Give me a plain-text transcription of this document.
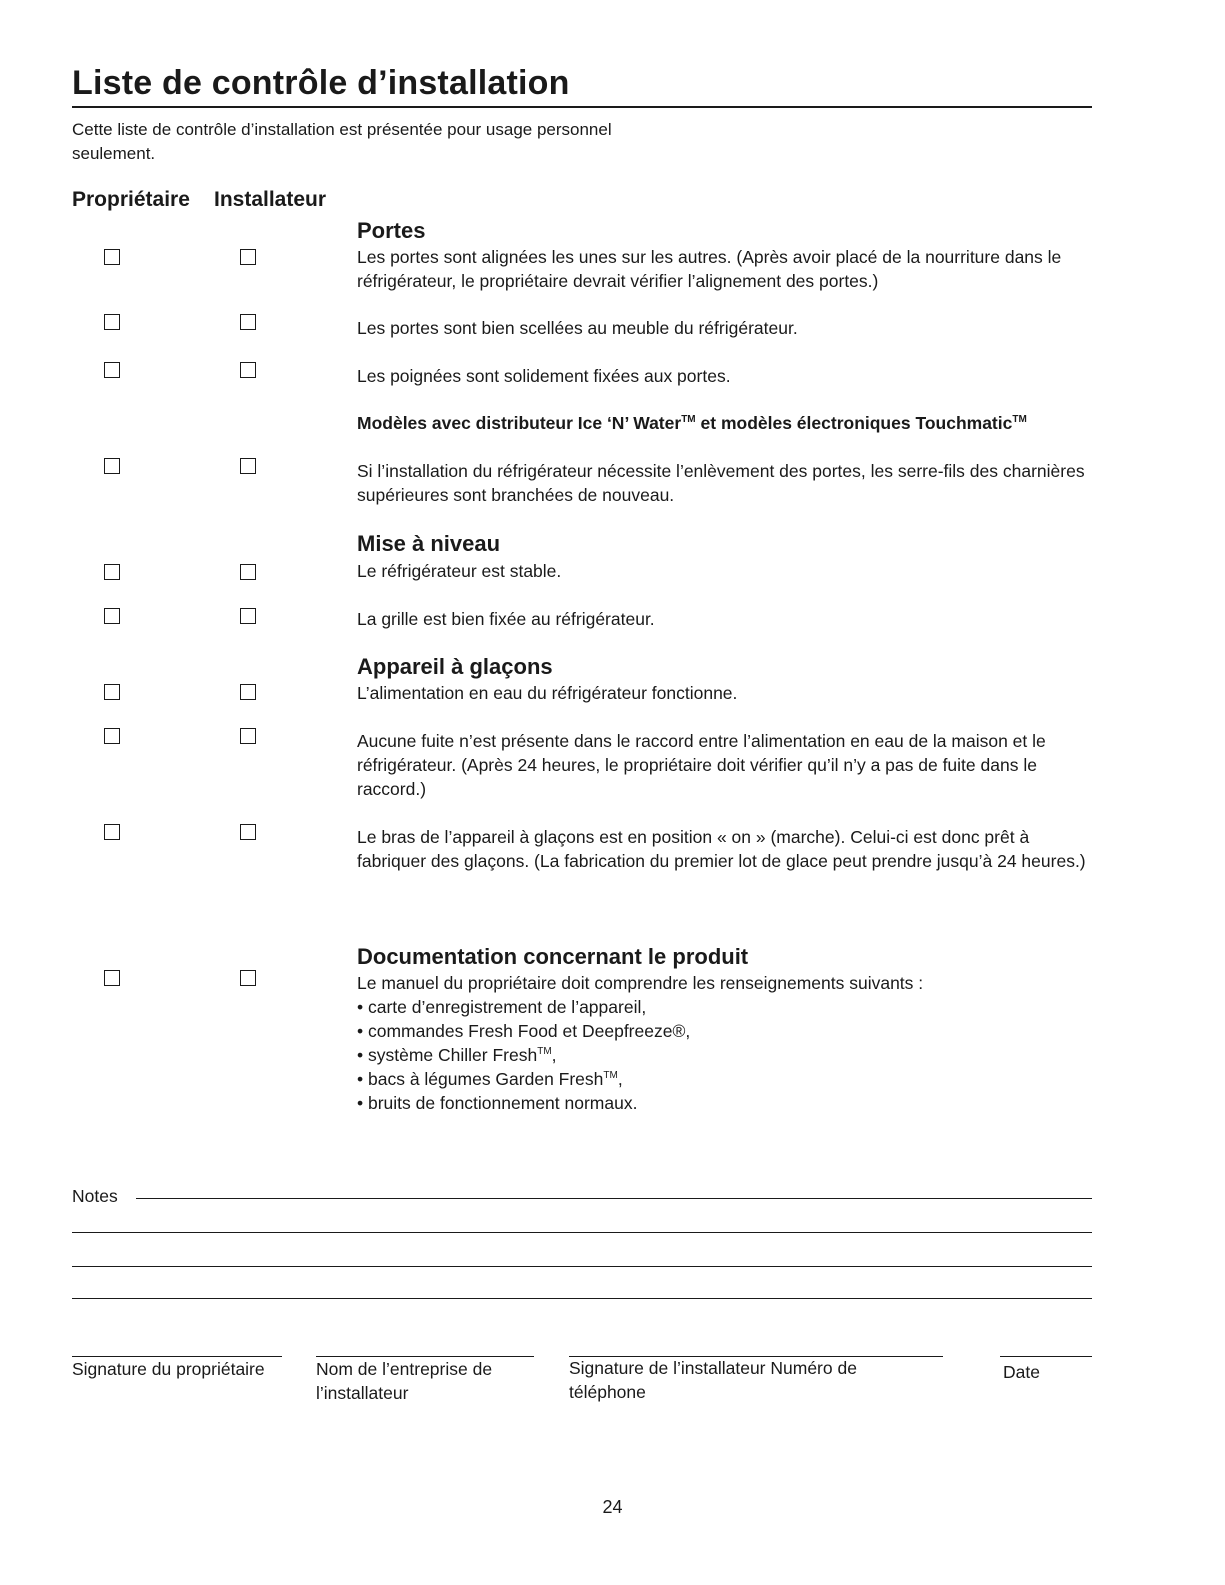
Liste de contrôle d’installation
Cette liste de contrôle d’installation est présentée pour usage personnel seulement.
Propriétaire Installateur
Portes
Les portes sont alignées les unes sur les autres. (Après avoir placé de la nourriture dans le réfrigérateur, le propriétaire devrait vérifier l’alignement des portes.)
Les portes sont bien scellées au meuble du réfrigérateur.
Les poignées sont solidement fixées aux portes.
Modèles avec distributeur Ice ‘N’ Water™ et modèles électroniques Touchmatic™
Si l’installation du réfrigérateur nécessite l’enlèvement des portes, les serre-fils des charnières supérieures sont branchées de nouveau.
Mise à niveau
Le réfrigérateur est stable.
La grille est bien fixée au réfrigérateur.
Appareil à glaçons
L’alimentation en eau du réfrigérateur fonctionne.
Aucune fuite n’est présente dans le raccord entre l’alimentation en eau de la maison et le réfrigérateur. (Après 24 heures, le propriétaire doit vérifier qu’il n’y a pas de fuite dans le raccord.)
Le bras de l’appareil à glaçons est en position « on » (marche). Celui-ci est donc prêt à fabriquer des glaçons. (La fabrication du premier lot de glace peut prendre jusqu’à 24 heures.)
Documentation concernant le produit
Le manuel du propriétaire doit comprendre les renseignements suivants :
• carte d’enregistrement de l’appareil,
• commandes Fresh Food et Deepfreeze®,
• système Chiller Fresh™,
• bacs à légumes Garden Fresh™,
• bruits de fonctionnement normaux.
Notes
Signature du propriétaire	Nom de l’entreprise de l’installateur
Signature de l’installateur Numéro de téléphone
Date
24
